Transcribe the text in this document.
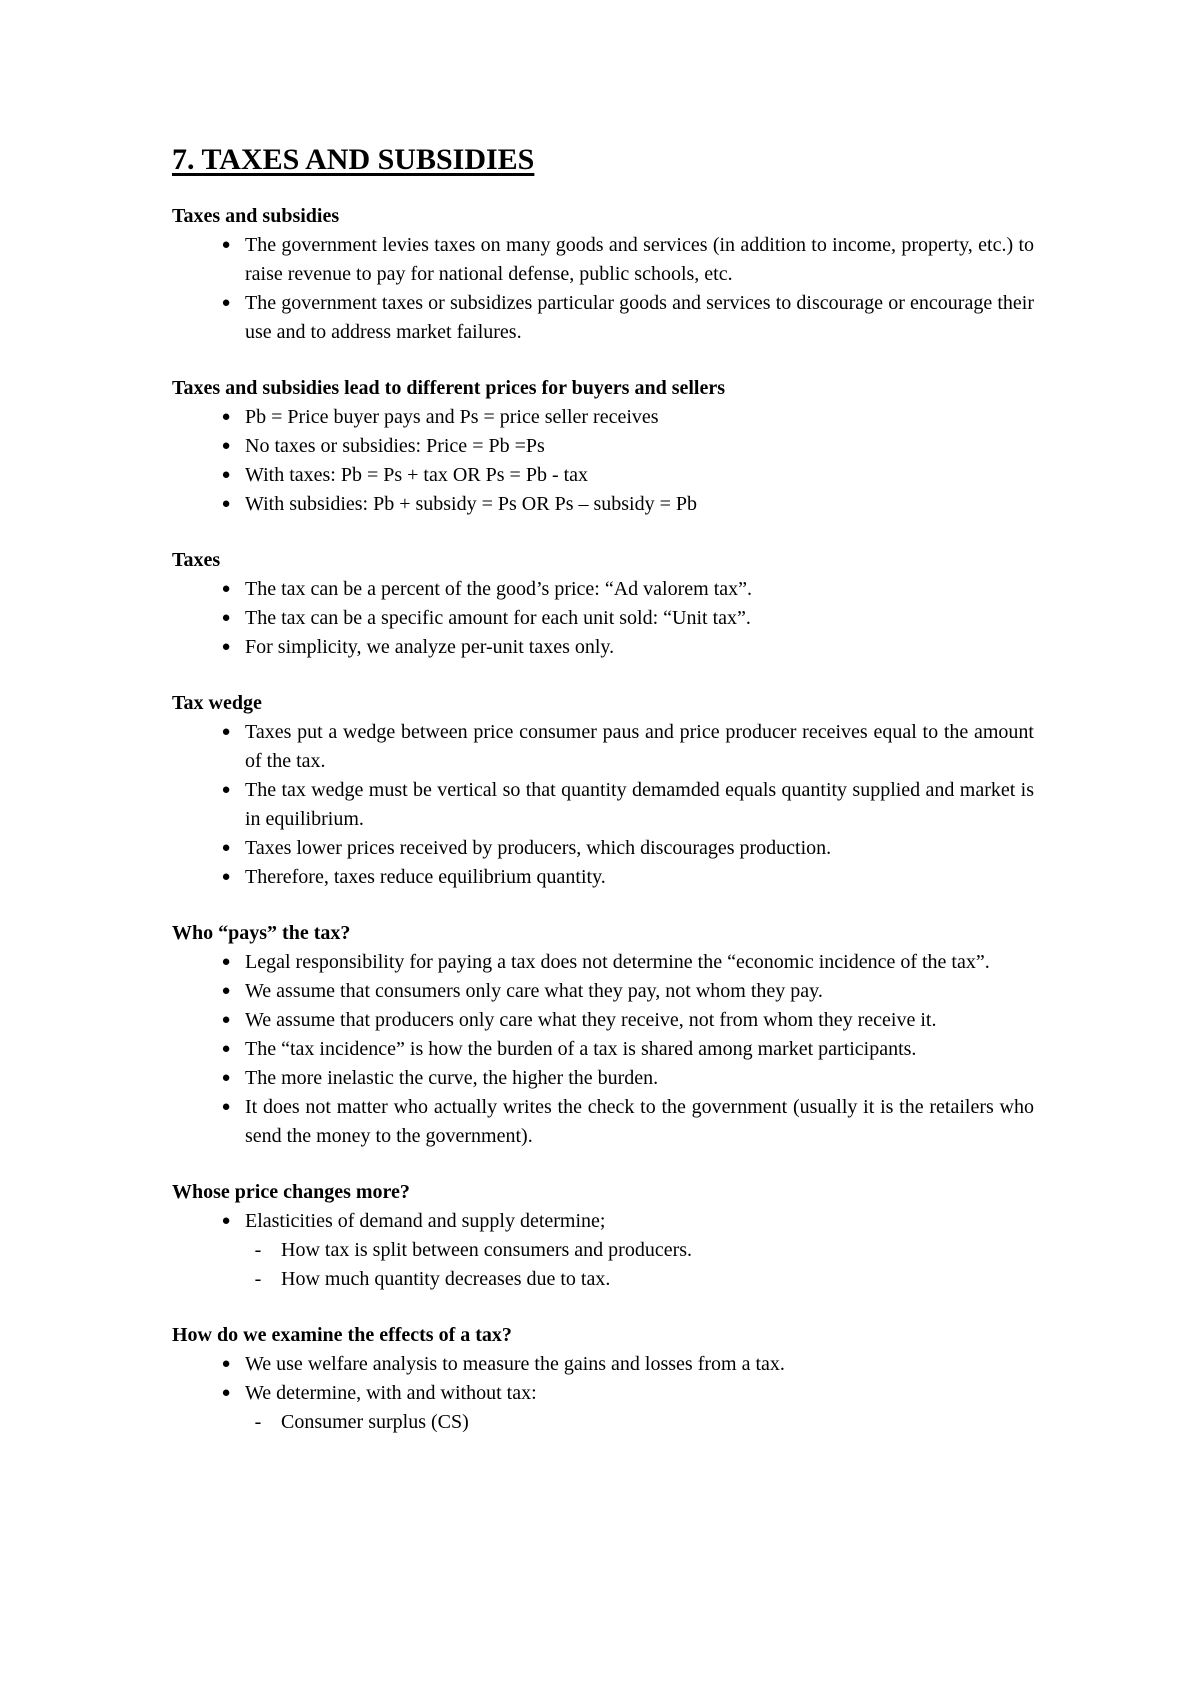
7. TAXES AND SUBSIDIES

Taxes and subsidies

● The government levies taxes on many goods and services (in addition to income, property, etc.) to raise revenue to pay for national defense, public schools, etc.
● The government taxes or subsidizes particular goods and services to discourage or encourage their use and to address market failures.

Taxes and subsidies lead to different prices for buyers and sellers

● Pb = Price buyer pays and Ps = price seller receives
● No taxes or subsidies: Price = Pb =Ps
● With taxes: Pb = Ps + tax OR Ps = Pb - tax
● With subsidies: Pb + subsidy = Ps OR Ps – subsidy = Pb

Taxes

● The tax can be a percent of the good’s price: “Ad valorem tax”.
● The tax can be a specific amount for each unit sold: “Unit tax”.
● For simplicity, we analyze per-unit taxes only.

Tax wedge

● Taxes put a wedge between price consumer paus and price producer receives equal to the amount of the tax.
● The tax wedge must be vertical so that quantity demamded equals quantity supplied and market is in equilibrium.
● Taxes lower prices received by producers, which discourages production.
● Therefore, taxes reduce equilibrium quantity.

Who “pays” the tax?

● Legal responsibility for paying a tax does not determine the “economic incidence of the tax”.
● We assume that consumers only care what they pay, not whom they pay.
● We assume that producers only care what they receive, not from whom they receive it.
● The “tax incidence” is how the burden of a tax is shared among market participants.
● The more inelastic the curve, the higher the burden.
● It does not matter who actually writes the check to the government (usually it is the retailers who send the money to the government).

Whose price changes more?

● Elasticities of demand and supply determine;
- How tax is split between consumers and producers.
- How much quantity decreases due to tax.

How do we examine the effects of a tax?

● We use welfare analysis to measure the gains and losses from a tax.
● We determine, with and without tax:
- Consumer surplus (CS)
